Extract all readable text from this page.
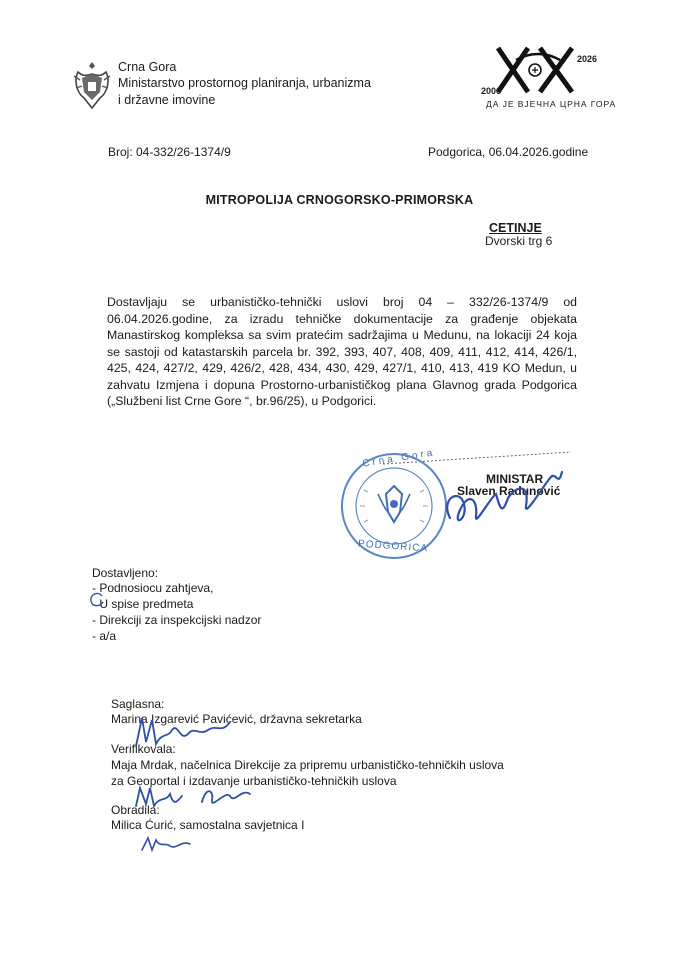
Crna Gora
Ministarstvo prostornog planiranja, urbanizma
i državne imovine
2006
2026
ДА ЈЕ ВЈЕЧНА ЦРНА ГОРА
Broj: 04-332/26-1374/9	Podgorica, 06.04.2026.godine
MITROPOLIJA CRNOGORSKO-PRIMORSKA
CETINJE
Dvorski trg 6
Dostavljaju se urbanističko-tehnički uslovi broj 04 – 332/26-1374/9 od 06.04.2026.godine, za izradu tehničke dokumentacije za građenje objekata Manastirskog kompleksa sa svim pratećim sadržajima u Medunu, na lokaciji 24 koja se sastoji od katastarskih parcela br. 392, 393, 407, 408, 409, 411, 412, 414, 426/1, 425, 424, 427/2, 429, 426/2, 428, 434, 430, 429, 427/1, 410, 413, 419 KO Medun, u zahvatu Izmjena i dopuna Prostorno-urbanističkog plana Glavnog grada Podgorica („Službeni list Crne Gore “, br.96/25), u Podgorici.
Crna Gora
PODGORICA
MINISTAR
Slaven Radunović
Dostavljeno:
- Podnosiocu zahtjeva,
- U spise predmeta
- Direkciji za inspekcijski nadzor
- a/a
Saglasna:
Marina Izgarević Pavićević, državna sekretarka
Verifikovala:
Maja Mrdak, načelnica Direkcije za pripremu urbanističko-tehničkih uslova za Geoportal i izdavanje urbanističko-tehničkih uslova
Obradila:
Milica Ćurić, samostalna savjetnica I
